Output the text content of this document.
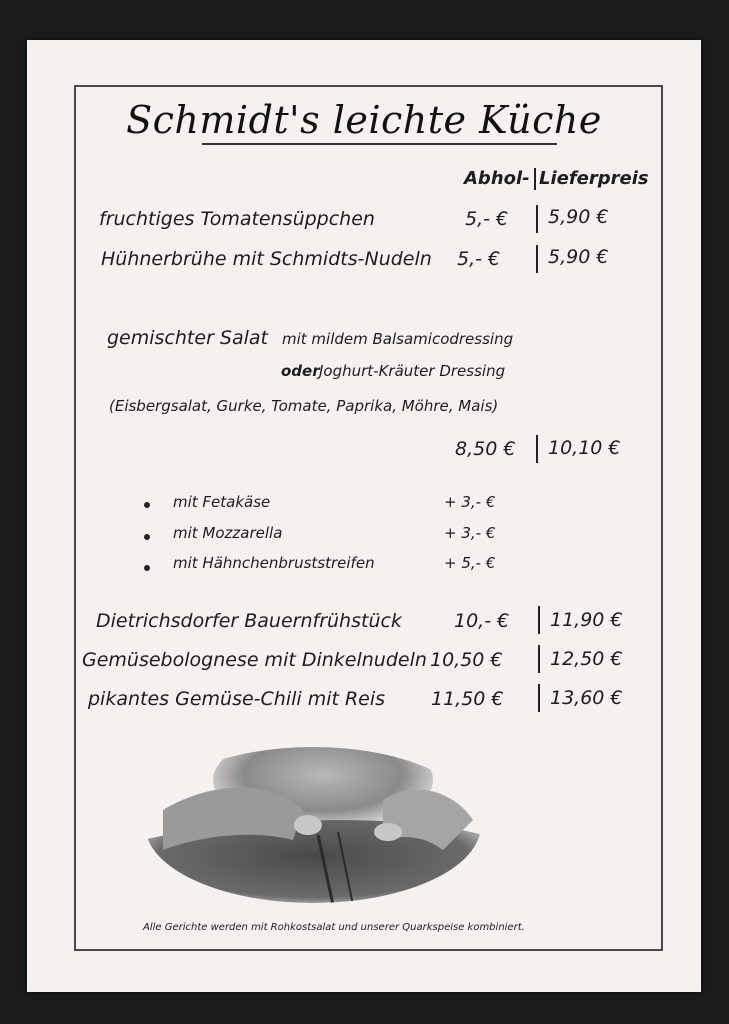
Schmidt's leichte Küche
Abhol- Lieferpreis
fruchtiges Tomatensüppchen	5,- € 5,90 €
Hühnerbrühe mit Schmidts-Nudeln 5,- €	5,90 €
gemischter Salat mit mildem Balsamicodressing
oder Joghurt-Kräuter Dressing
(Eisbergsalat, Gurke, Tomate, Paprika, Möhre, Mais)
8,50 € 10,10 €
mit Fetakäse	+ 3,- €
mit Mozzarella	+ 3,- €
mit Hähnchenbruststreifen	+ 5,- €
Dietrichsdorfer Bauernfrühstück	10,- € 11,90 €
Gemüsebolognese mit Dinkelnudeln 10,50 € 12,50 €
pikantes Gemüse-Chili mit Reis 11,50 € 13,60 €
Alle Gerichte werden mit Rohkostsalat und unserer Quarkspeise kombiniert.
